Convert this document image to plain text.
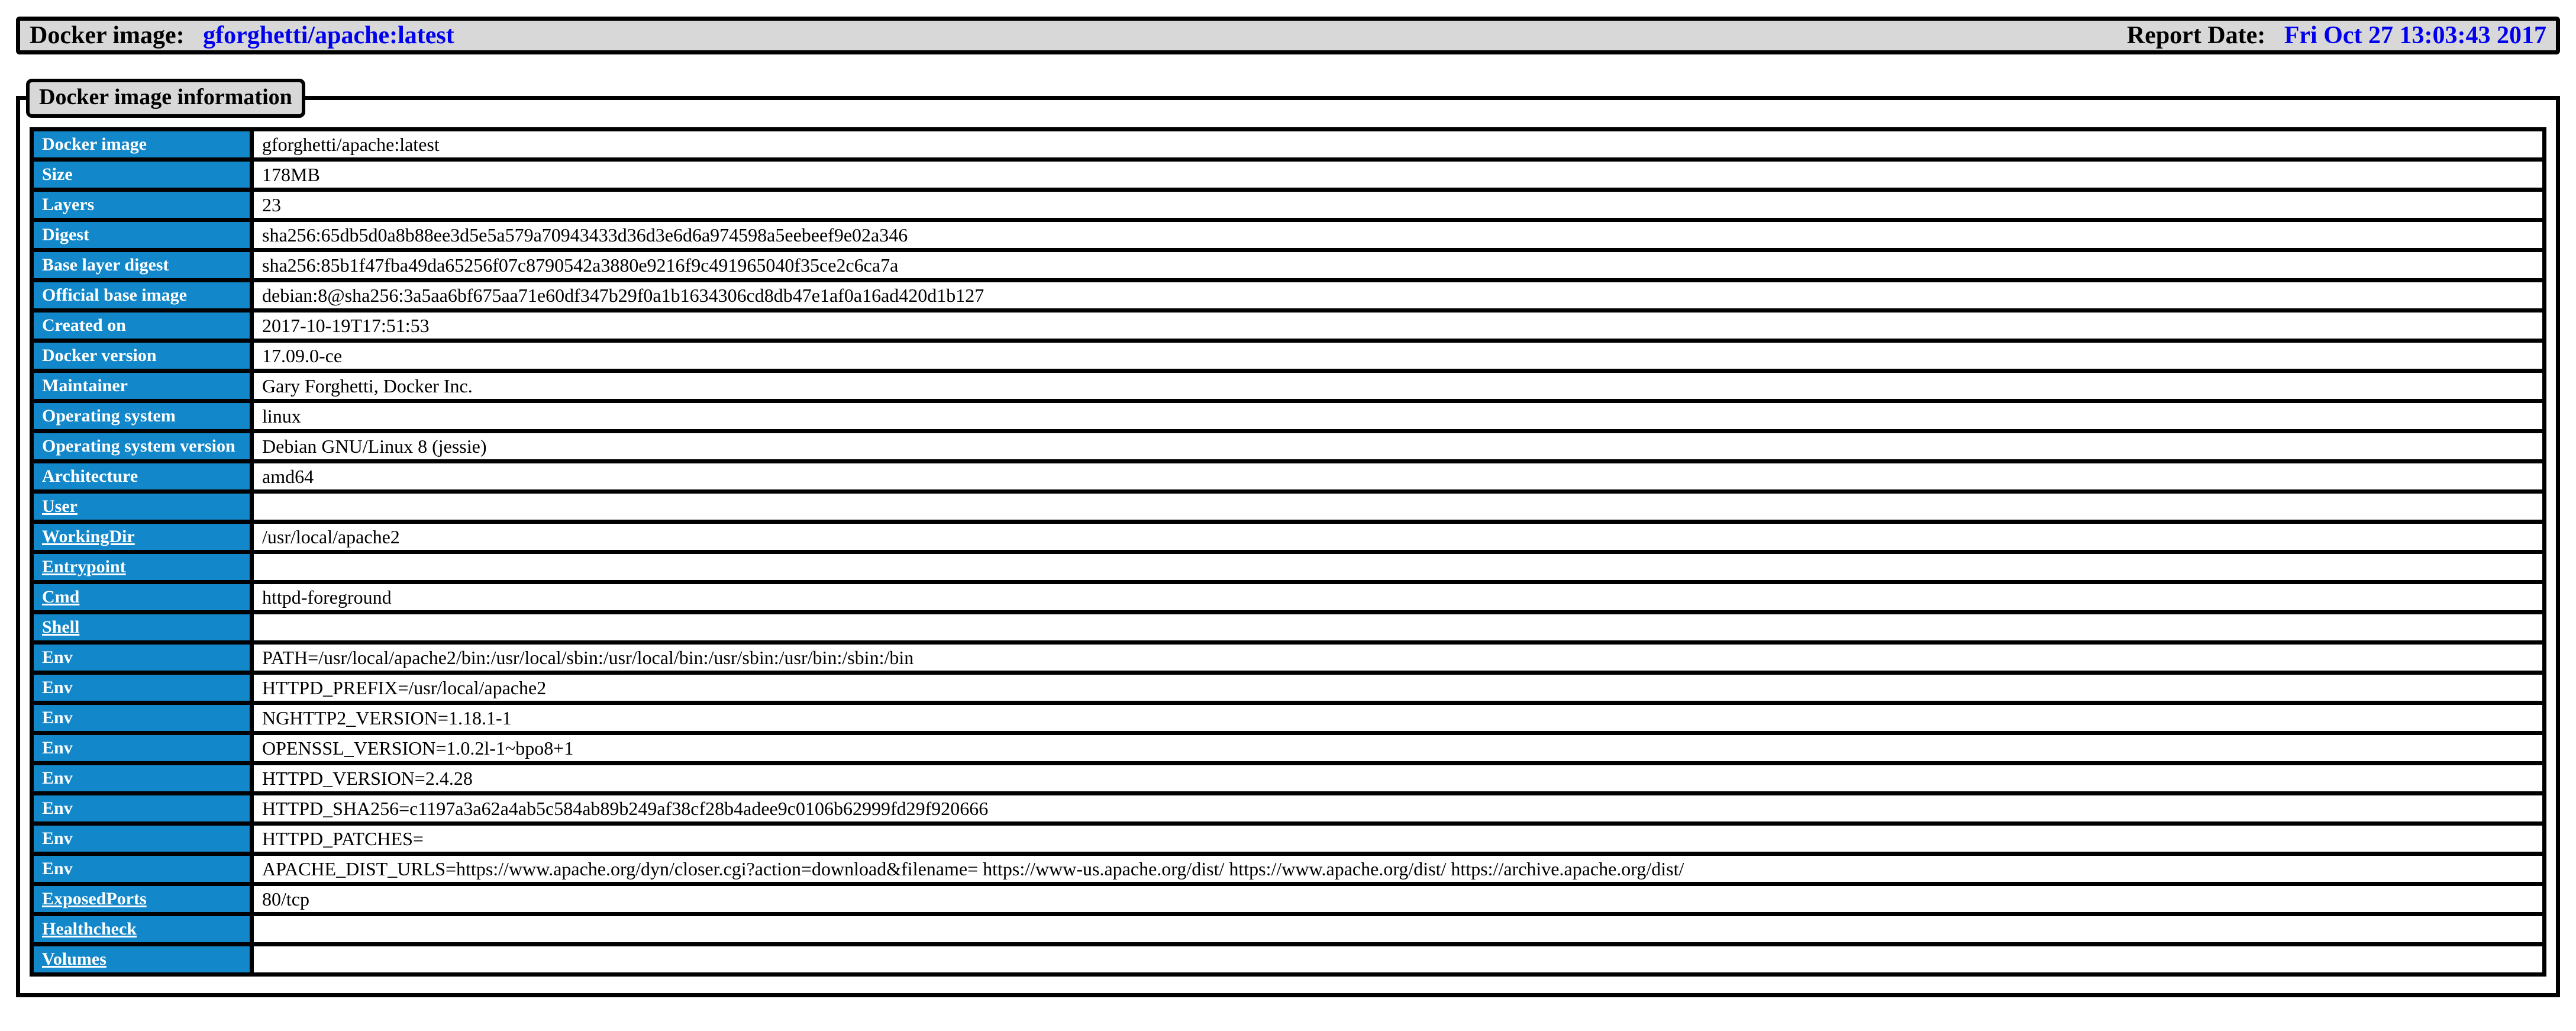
Docker image: gforghetti/apache:latest	Report Date: Fri Oct 27 13:03:43 2017
Docker image information
Docker image	gforghetti/apache:latest
Size	178MB
Layers	23
Digest	sha256:65db5d0a8b88ee3d5e5a579a70943433d36d3e6d6a974598a5eebeef9e02a346
Base layer digest	sha256:85b1f47fba49da65256f07c8790542a3880e9216f9c491965040f35ce2c6ca7a
Official base image	debian:8@sha256:3a5aa6bf675aa71e60df347b29f0a1b1634306cd8db47e1af0a16ad420d1b127
Created on	2017-10-19T17:51:53
Docker version	17.09.0-ce
Maintainer	Gary Forghetti, Docker Inc.
Operating system	linux
Operating system version	Debian GNU/Linux 8 (jessie)
Architecture	amd64
User	
WorkingDir	/usr/local/apache2
Entrypoint	
Cmd	httpd-foreground
Shell	
Env	PATH=/usr/local/apache2/bin:/usr/local/sbin:/usr/local/bin:/usr/sbin:/usr/bin:/sbin:/bin
Env	HTTPD_PREFIX=/usr/local/apache2
Env	NGHTTP2_VERSION=1.18.1-1
Env	OPENSSL_VERSION=1.0.2l-1~bpo8+1
Env	HTTPD_VERSION=2.4.28
Env	HTTPD_SHA256=c1197a3a62a4ab5c584ab89b249af38cf28b4adee9c0106b62999fd29f920666
Env	HTTPD_PATCHES=
Env	APACHE_DIST_URLS=https://www.apache.org/dyn/closer.cgi?action=download&filename= https://www-us.apache.org/dist/ https://www.apache.org/dist/ https://archive.apache.org/dist/
ExposedPorts	80/tcp
Healthcheck	
Volumes	
